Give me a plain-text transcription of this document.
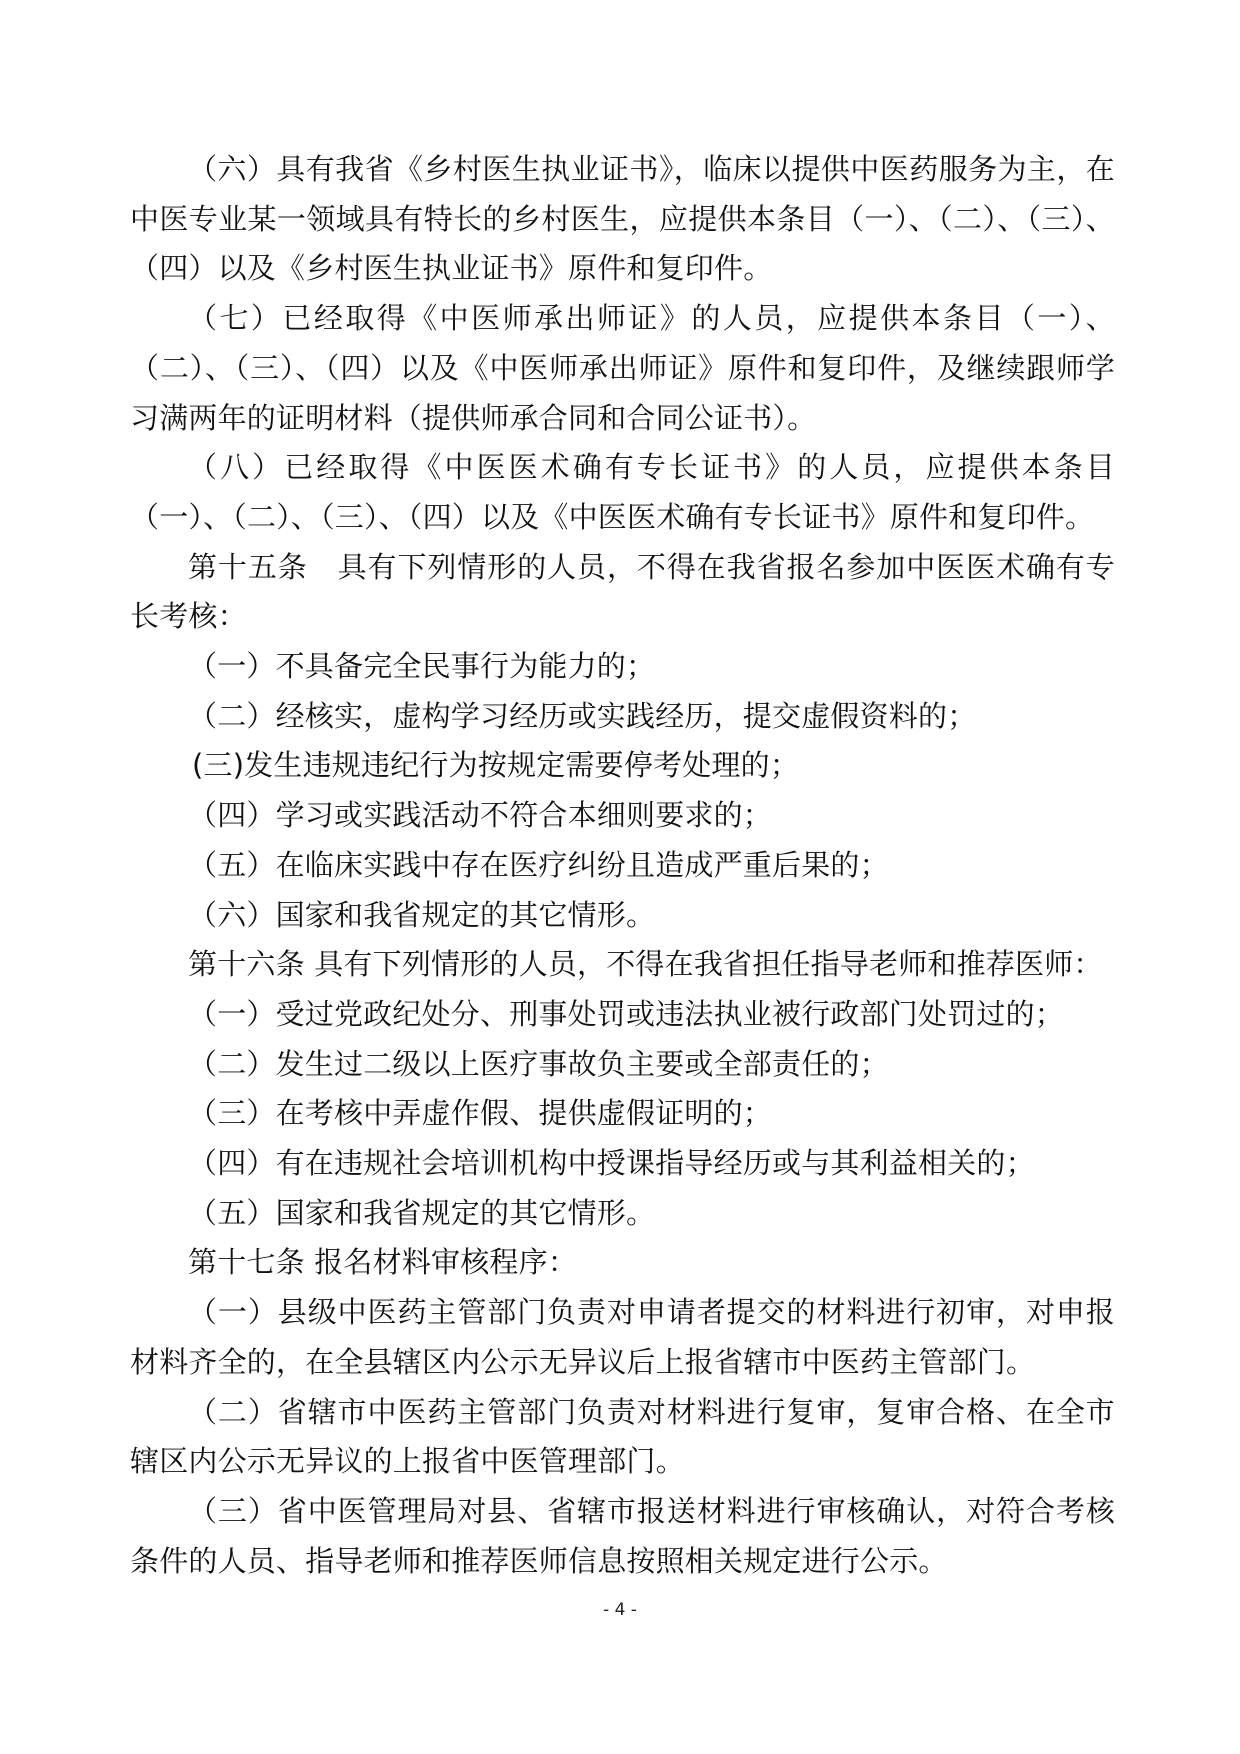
（六）具有我省《乡村医生执业证书》，临床以提供中医药服务为主，在中医专业某一领域具有特长的乡村医生，应提供本条目（一）、（二）、（三）、（四）以及《乡村医生执业证书》原件和复印件。

（七）已经取得《中医师承出师证》的人员，应提供本条目（一）、（二）、（三）、（四）以及《中医师承出师证》原件和复印件，及继续跟师学习满两年的证明材料（提供师承合同和合同公证书）。

（八）已经取得《中医医术确有专长证书》的人员，应提供本条目（一）、（二）、（三）、（四）以及《中医医术确有专长证书》原件和复印件。

第十五条　具有下列情形的人员，不得在我省报名参加中医医术确有专长考核：

（一）不具备完全民事行为能力的；

（二）经核实，虚构学习经历或实践经历，提交虚假资料的；

(三)发生违规违纪行为按规定需要停考处理的；

（四）学习或实践活动不符合本细则要求的；

（五）在临床实践中存在医疗纠纷且造成严重后果的；

（六）国家和我省规定的其它情形。

第十六条 具有下列情形的人员，不得在我省担任指导老师和推荐医师：

（一）受过党政纪处分、刑事处罚或违法执业被行政部门处罚过的；

（二）发生过二级以上医疗事故负主要或全部责任的；

（三）在考核中弄虚作假、提供虚假证明的；

（四）有在违规社会培训机构中授课指导经历或与其利益相关的；

（五）国家和我省规定的其它情形。

第十七条 报名材料审核程序：

（一）县级中医药主管部门负责对申请者提交的材料进行初审，对申报材料齐全的，在全县辖区内公示无异议后上报省辖市中医药主管部门。

（二）省辖市中医药主管部门负责对材料进行复审，复审合格、在全市辖区内公示无异议的上报省中医管理部门。

（三）省中医管理局对县、省辖市报送材料进行审核确认，对符合考核条件的人员、指导老师和推荐医师信息按照相关规定进行公示。

- 4 -
